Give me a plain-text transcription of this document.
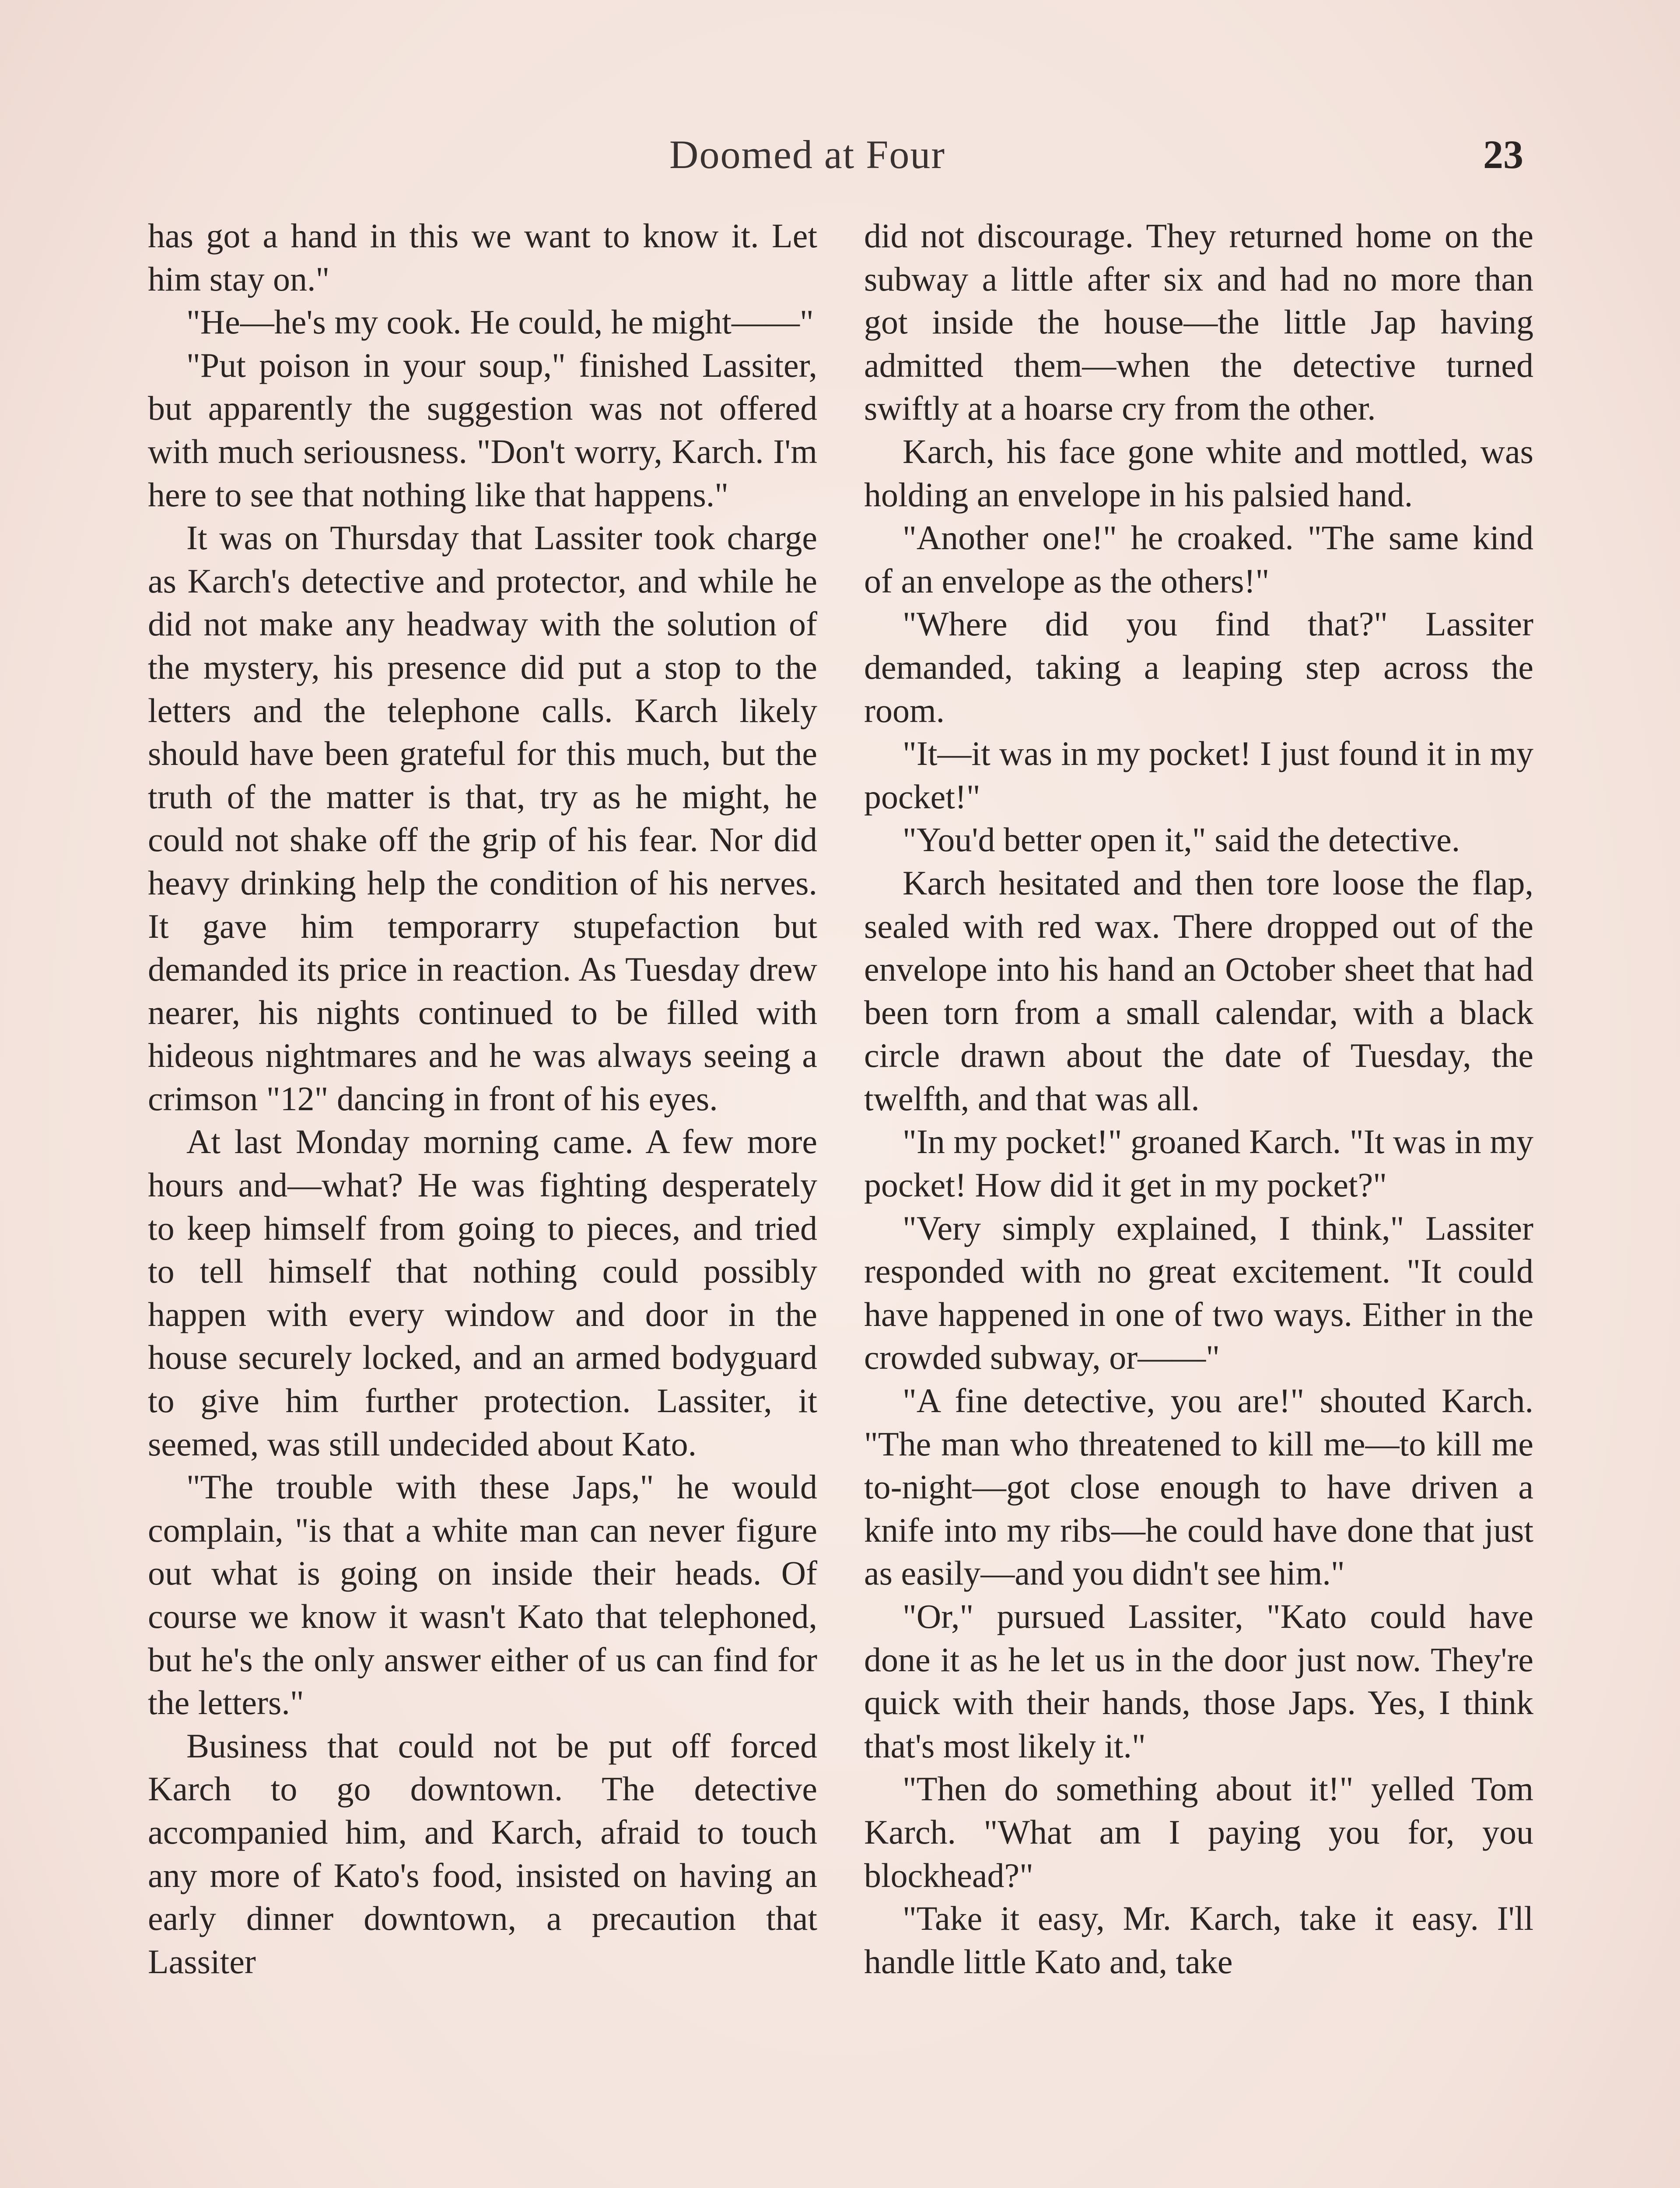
Doomed at Four	23

has got a hand in this we want to know it. Let him stay on."

"He—he's my cook. He could, he might——"

"Put poison in your soup," finished Lassiter, but apparently the suggestion was not offered with much seriousness. "Don't worry, Karch. I'm here to see that nothing like that happens."

It was on Thursday that Lassiter took charge as Karch's detective and protector, and while he did not make any headway with the solution of the mystery, his presence did put a stop to the letters and the telephone calls. Karch likely should have been grateful for this much, but the truth of the matter is that, try as he might, he could not shake off the grip of his fear. Nor did heavy drinking help the condition of his nerves. It gave him temporarry stupefaction but demanded its price in reaction. As Tuesday drew nearer, his nights continued to be filled with hideous nightmares and he was always seeing a crimson "12" dancing in front of his eyes.

At last Monday morning came. A few more hours and—what? He was fighting desperately to keep himself from going to pieces, and tried to tell himself that nothing could possibly happen with every window and door in the house securely locked, and an armed bodyguard to give him further protection. Lassiter, it seemed, was still undecided about Kato.

"The trouble with these Japs," he would complain, "is that a white man can never figure out what is going on inside their heads. Of course we know it wasn't Kato that telephoned, but he's the only answer either of us can find for the letters."

Business that could not be put off forced Karch to go downtown. The detective accompanied him, and Karch, afraid to touch any more of Kato's food, insisted on having an early dinner downtown, a precaution that Lassiter

did not discourage. They returned home on the subway a little after six and had no more than got inside the house—the little Jap having admitted them—when the detective turned swiftly at a hoarse cry from the other.

Karch, his face gone white and mottled, was holding an envelope in his palsied hand.

"Another one!" he croaked. "The same kind of an envelope as the others!"

"Where did you find that?" Lassiter demanded, taking a leaping step across the room.

"It—it was in my pocket! I just found it in my pocket!"

"You'd better open it," said the detective.

Karch hesitated and then tore loose the flap, sealed with red wax. There dropped out of the envelope into his hand an October sheet that had been torn from a small calendar, with a black circle drawn about the date of Tuesday, the twelfth, and that was all.

"In my pocket!" groaned Karch. "It was in my pocket! How did it get in my pocket?"

"Very simply explained, I think," Lassiter responded with no great excitement. "It could have happened in one of two ways. Either in the crowded subway, or——"

"A fine detective, you are!" shouted Karch. "The man who threatened to kill me—to kill me to-night—got close enough to have driven a knife into my ribs—he could have done that just as easily—and you didn't see him."

"Or," pursued Lassiter, "Kato could have done it as he let us in the door just now. They're quick with their hands, those Japs. Yes, I think that's most likely it."

"Then do something about it!" yelled Tom Karch. "What am I paying you for, you blockhead?"

"Take it easy, Mr. Karch, take it easy. I'll handle little Kato and, take
